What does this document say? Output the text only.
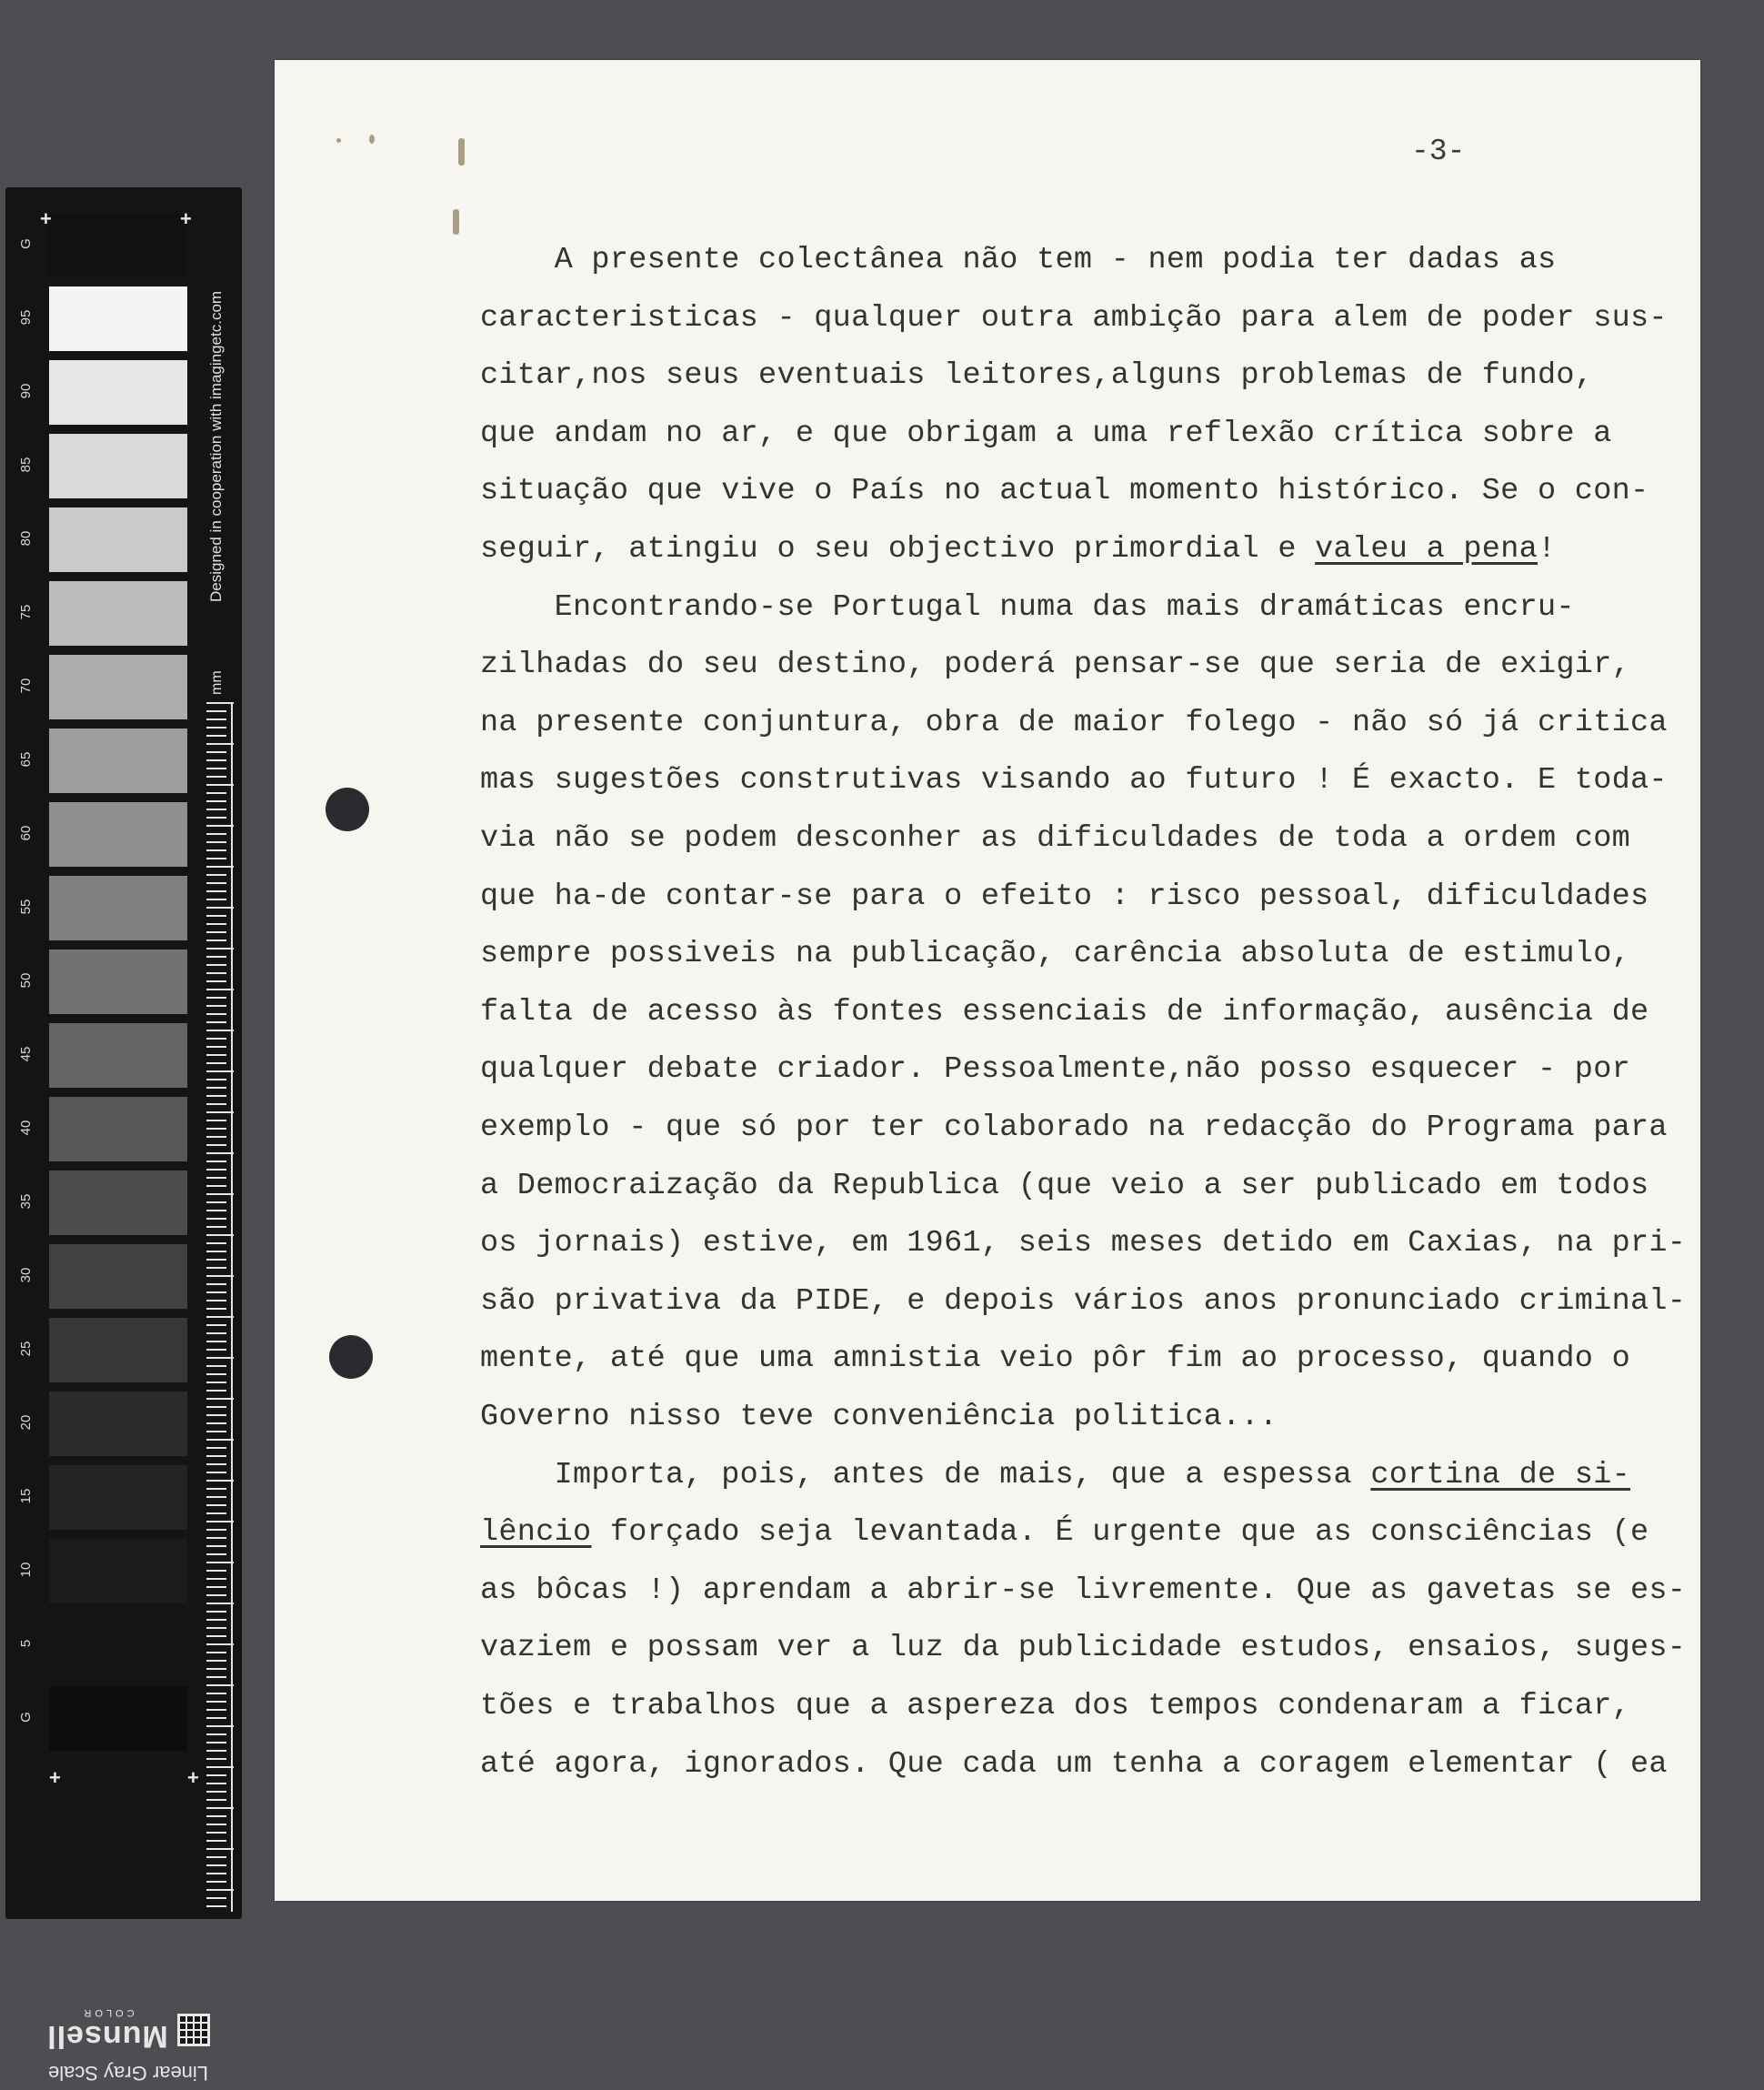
G
95
90
85
80
75
70
65
60
55
50
45
40
35
30
25
20
15
10
5
G
+	+
+	+
Designed in cooperation with imagingetc.com
mm
Linear Gray Scale
Munsell
COLOR
-3-
A presente colectânea não tem - nem podia ter dadas as
caracteristicas - qualquer outra ambição para alem de poder sus-
citar,nos seus eventuais leitores,alguns problemas de fundo,
que andam no ar, e que obrigam a uma reflexão crítica sobre a
situação que vive o País no actual momento histórico. Se o con-
seguir, atingiu o seu objectivo primordial e valeu a pena!
Encontrando-se Portugal numa das mais dramáticas encru-
zilhadas do seu destino, poderá pensar-se que seria de exigir,
na presente conjuntura, obra de maior folego - não só já critica
mas sugestões construtivas visando ao futuro ! É exacto. E toda-
via não se podem desconher as dificuldades de toda a ordem com
que ha-de contar-se para o efeito : risco pessoal, dificuldades
sempre possiveis na publicação, carência absoluta de estimulo,
falta de acesso às fontes essenciais de informação, ausência de
qualquer debate criador. Pessoalmente,não posso esquecer - por
exemplo - que só por ter colaborado na redacção do Programa para
a Democraização da Republica (que veio a ser publicado em todos
os jornais) estive, em 1961, seis meses detido em Caxias, na pri-
são privativa da PIDE, e depois vários anos pronunciado criminal-
mente, até que uma amnistia veio pôr fim ao processo, quando o
Governo nisso teve conveniência politica...
Importa, pois, antes de mais, que a espessa cortina de si-
lêncio forçado seja levantada. É urgente que as consciências (e
as bôcas !) aprendam a abrir-se livremente. Que as gavetas se es-
vaziem e possam ver a luz da publicidade estudos, ensaios, suges-
tões e trabalhos que a aspereza dos tempos condenaram a ficar,
até agora, ignorados. Que cada um tenha a coragem elementar ( ea
